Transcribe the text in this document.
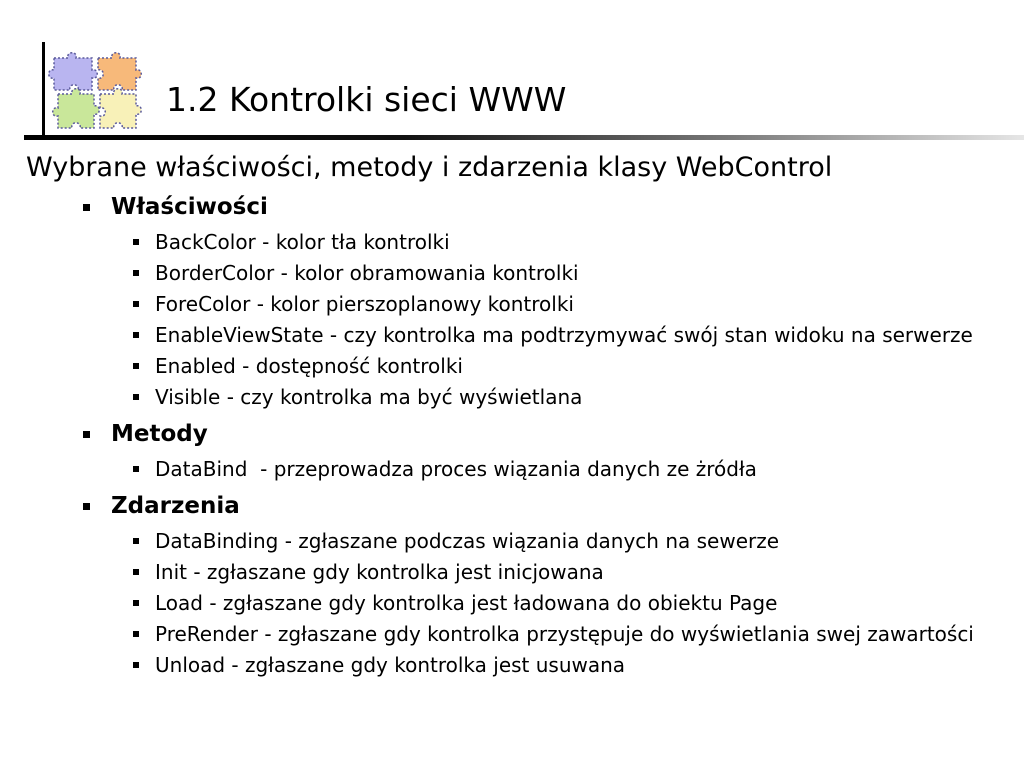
1.2 Kontrolki sieci WWW
Wybrane właściwości, metody i zdarzenia klasy WebControl
Właściwości
BackColor - kolor tła kontrolki
BorderColor - kolor obramowania kontrolki
ForeColor - kolor pierszoplanowy kontrolki
EnableViewState - czy kontrolka ma podtrzymywać swój stan widoku na serwerze
Enabled - dostępność kontrolki
Visible - czy kontrolka ma być wyświetlana
Metody
DataBind  - przeprowadza proces wiązania danych ze żródła
Zdarzenia
DataBinding - zgłaszane podczas wiązania danych na sewerze
Init - zgłaszane gdy kontrolka jest inicjowana
Load - zgłaszane gdy kontrolka jest ładowana do obiektu Page
PreRender - zgłaszane gdy kontrolka przystępuje do wyświetlania swej zawartości
Unload - zgłaszane gdy kontrolka jest usuwana
